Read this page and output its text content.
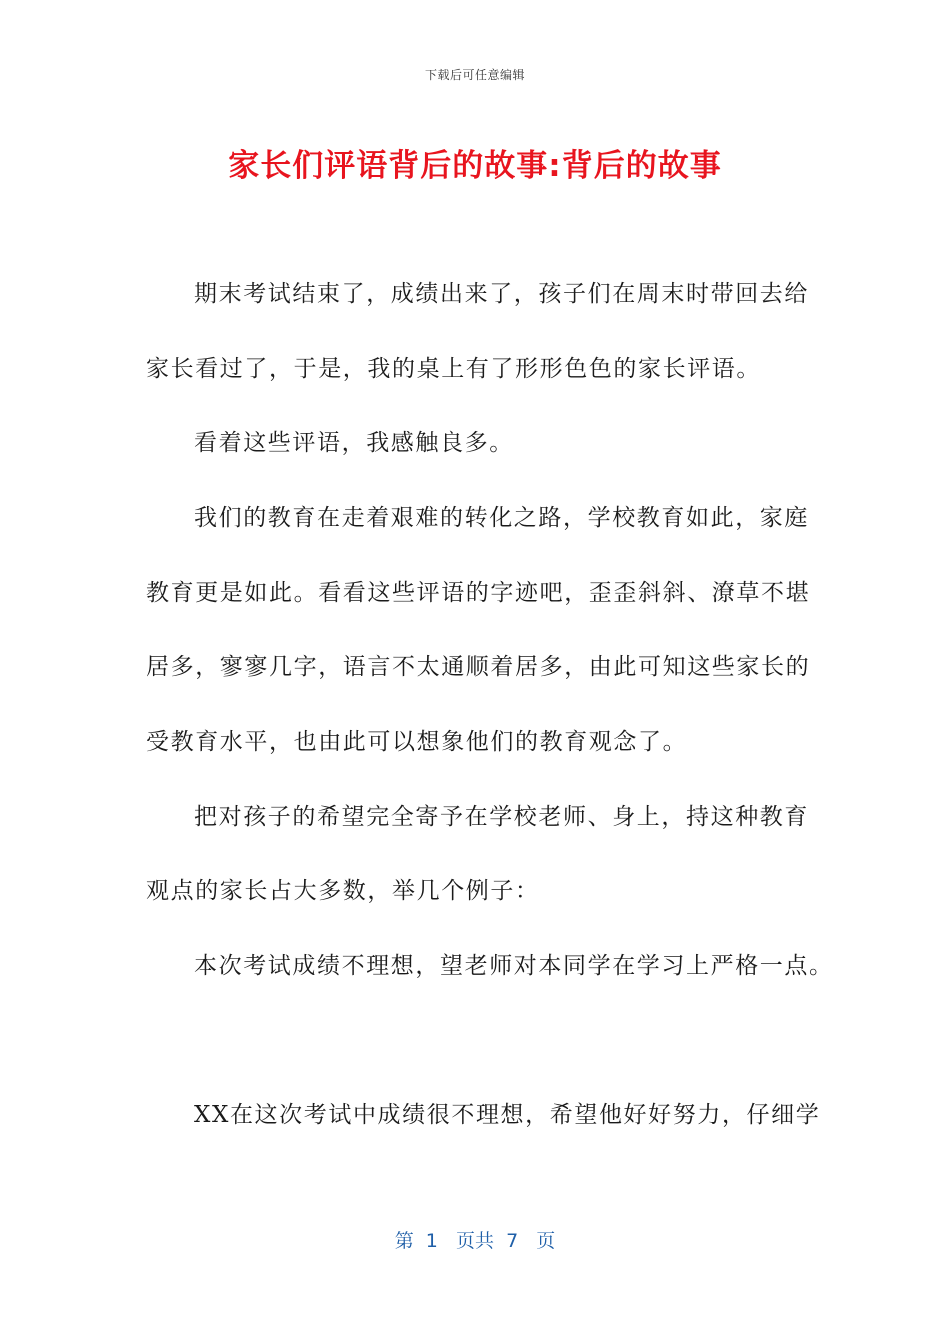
下载后可任意编辑
家长们评语背后的故事:背后的故事
期末考试结束了，成绩出来了，孩子们在周末时带回去给
家长看过了，于是，我的桌上有了形形色色的家长评语。
看着这些评语，我感触良多。
我们的教育在走着艰难的转化之路，学校教育如此，家庭
教育更是如此。看看这些评语的字迹吧，歪歪斜斜、潦草不堪
居多，寥寥几字，语言不太通顺着居多，由此可知这些家长的
受教育水平，也由此可以想象他们的教育观念了。
把对孩子的希望完全寄予在学校老师、身上，持这种教育
观点的家长占大多数，举几个例子：
本次考试成绩不理想，望老师对本同学在学习上严格一点。
XX在这次考试中成绩很不理想，希望他好好努力，仔细学
第  1   页共  7   页
